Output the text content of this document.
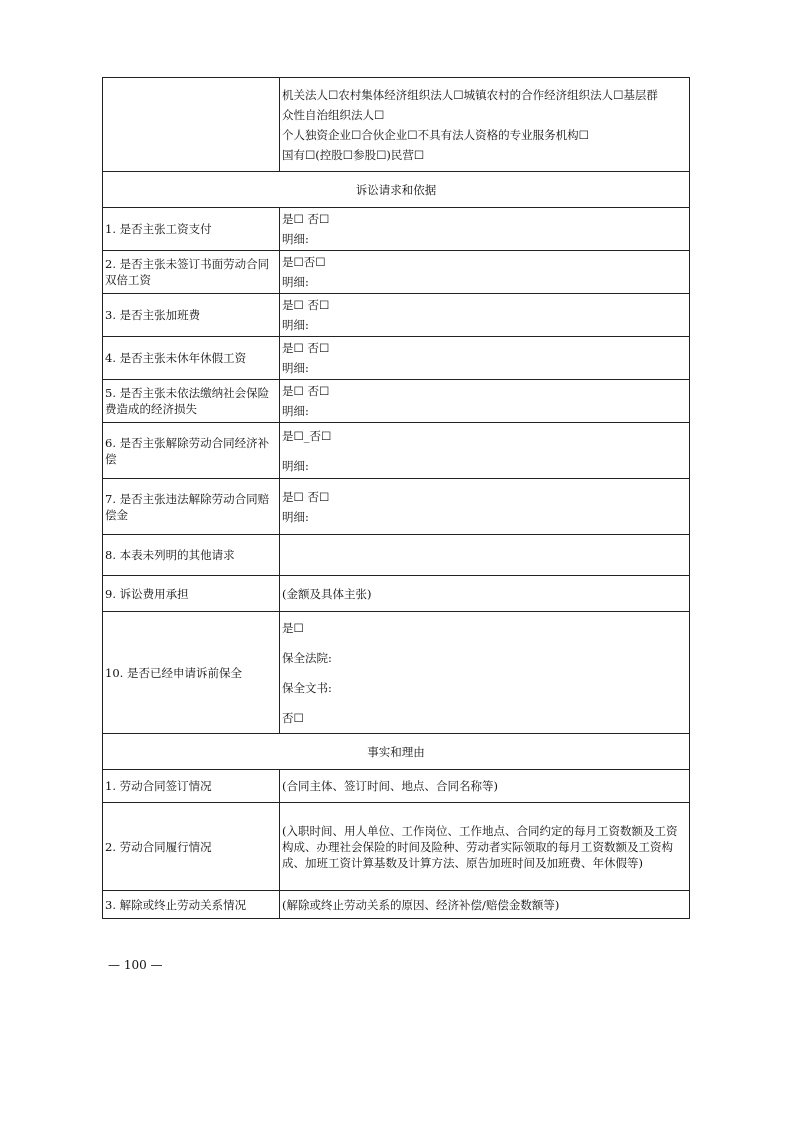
	机关法人☐农村集体经济组织法人☐城镇农村的合作经济组织法人☐基层群
众性自治组织法人☐
个人独资企业☐合伙企业☐不具有法人资格的专业服务机构☐
国有☐(控股☐参股☐)民营☐

诉讼请求和依据	
1. 是否主张工资支付	是☐ 否☐
明细:

2. 是否主张未签订书面劳动合同双倍工资	是☐否☐
明细:

3. 是否主张加班费	是☐ 否☐
明细:

4. 是否主张未休年休假工资	是☐ 否☐
明细:

5. 是否主张未依法缴纳社会保险费造成的经济损失	是☐ 否☐
明细:

6. 是否主张解除劳动合同经济补偿	是☐_否☐
明细:

7. 是否主张违法解除劳动合同赔偿金	是☐ 否☐
明细:

8. 本表未列明的其他请求	
9. 诉讼费用承担	(金额及具体主张)
10. 是否已经申请诉前保全	是☐
保全法院:
保全文书:
否☐

事实和理由	
1. 劳动合同签订情况	(合同主体、签订时间、地点、合同名称等)
2. 劳动合同履行情况	(入职时间、用人单位、工作岗位、工作地点、合同约定的每月工资数额及工资构成、办理社会保险的时间及险种、劳动者实际领取的每月工资数额及工资构成、加班工资计算基数及计算方法、原告加班时间及加班费、年休假等)

3. 解除或终止劳动关系情况	(解除或终止劳动关系的原因、经济补偿/赔偿金数额等)
— 100 —
